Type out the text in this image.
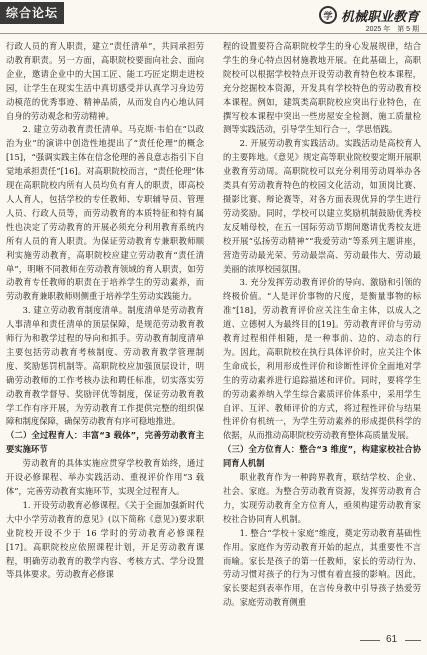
综合论坛	学 机械职业教育
2025 年　第 5 期

行政人员的育人职责，建立“责任清单”，共同承担劳动教育职责。另一方面，高职院校要面向社会、面向企业，邀请企业中的大国工匠、能工巧匠定期走进校园，让学生在现实生活中真切感受并认真学习身边劳动模范的优秀事迹、精神品质，从而发自内心地认同自身的劳动观念和劳动精神。

2. 建立劳动教育责任清单。马克斯·韦伯在“以政治为业”的演讲中创造性地提出了“责任伦理”的概念[15]，“强调实践主体在信念伦理的善良意志指引下自觉地承担责任”[16]。对高职院校而言，“责任伦理”体现在高职院校内所有人员均负有育人的职责，即高校人人育人，包括学校的专任教师、专职辅导员、管理人员、行政人员等，而劳动教育的本质特征和特有属性也决定了劳动教育的开展必须充分利用教育系统内所有人员的育人职责。为保证劳动教育专兼职教师顺利实施劳动教育，高职院校应建立劳动教育“责任清单”，明晰不同教师在劳动教育领域的育人职责，如劳动教育专任教师的职责在于培养学生的劳动素养，而劳动教育兼职教师则侧重于培养学生劳动实践能力。

3. 建立劳动教育制度清单。制度清单是劳动教育人事清单和责任清单的顶层保障，是规范劳动教育教师行为和教学过程的导向和抓手。劳动教育制度清单主要包括劳动教育考核制度、劳动教育教学管理制度、奖励惩罚机制等。高职院校应加强顶层设计，明确劳动教师的工作考核办法和聘任标准，切实落实劳动教育教学督导、奖励评优等制度，保证劳动教育教学工作有序开展，为劳动教育工作提供完整的组织保障和制度保障，确保劳动教育有序可稳地推进。

（二）全过程育人：丰富“3 载体”，完善劳动教育主要实施环节

劳动教育的具体实施应贯穿学校教育始终，通过开设必修课程、举办实践活动、重视评价作用“3 载体”，完善劳动教育实施环节，实现全过程育人。

1. 开设劳动教育必修课程。《关于全面加强新时代大中小学劳动教育的意见》(以下简称《意见》)要求职业院校开设不少于 16 学时的劳动教育必修课程[17]。高职院校应依照课程计划，开足劳动教育课程，明确劳动教育的教学内容、考核方式、学分设置等具体要求。劳动教育必修课

程的设置要符合高职院校学生的身心发展规律，结合学生的身心特点因材施教地开展。在此基础上，高职院校可以根据学校特点开设劳动教育特色校本课程，充分挖掘校本资源，开发具有学校特色的劳动教育校本课程。例如，建筑类高职院校应突出行业特色，在撰写校本课程中突出一些房屋安全检测、施工质量检测等实践活动，引导学生知行合一，学思悟践。

2. 开展劳动教育实践活动。实践活动是高校育人的主要阵地。《意见》规定高等职业院校要定期开展职业教育劳动周。高职院校可以充分利用劳动周举办各类具有劳动教育特色的校园文化活动，如顶岗比赛、摄影比赛、辩论赛等，对各方面表现优异的学生进行劳动奖励。同时，学校可以建立奖励机制鼓励优秀校友反哺母校，在五一国际劳动节期间邀请优秀校友进校开展“弘扬劳动精神”“我爱劳动”等系列主题讲座，营造劳动最光荣、劳动最崇高、劳动最伟大、劳动最美丽的浓厚校园氛围。

3. 充分发挥劳动教育评价的导向、激励和引领的终极价值。“人是评价事物的尺度，是衡量事物的标准”[18]，劳动教育评价应关注生命主体，以成人之道、立德树人为最终目的[19]。劳动教育评价与劳动教育过程相伴相随，是一种事前、边的、动态的行为。因此，高职院校在执行具体评价时，应关注个体生命成长，利用形成性评价和诊断性评价全面地对学生的劳动素养进行追踪描述和评价。同时，要将学生的劳动素养纳入学生综合素质评价体系中，采用学生自评、互评、教师评价的方式，将过程性评价与结果性评价有机统一，为学生劳动素养的形成提供科学的依据，从而推动高职院校劳动教育整体高质量发展。

（三）全方位育人：整合“3 维度”，构建家校社合协同育人机制

职业教育作为一种跨界教育，联结学校、企业、社会、家庭。为整合劳动教育资源，发挥劳动教育合力，实现劳动教育全方位育人，亟须构建劳动教育家校社合协同育人机制。

1. 整合“学校＋家庭”维度，奠定劳动教育基础性作用。家庭作为劳动教育开始的起点，其重要性不言而喻。家长是孩子的第一任教师，家长的劳动行为、劳动习惯对孩子的行为习惯有着直接的影响。因此，家长要起到表率作用，在言传身教中引导孩子热爱劳动。家庭劳动教育侧重

61
